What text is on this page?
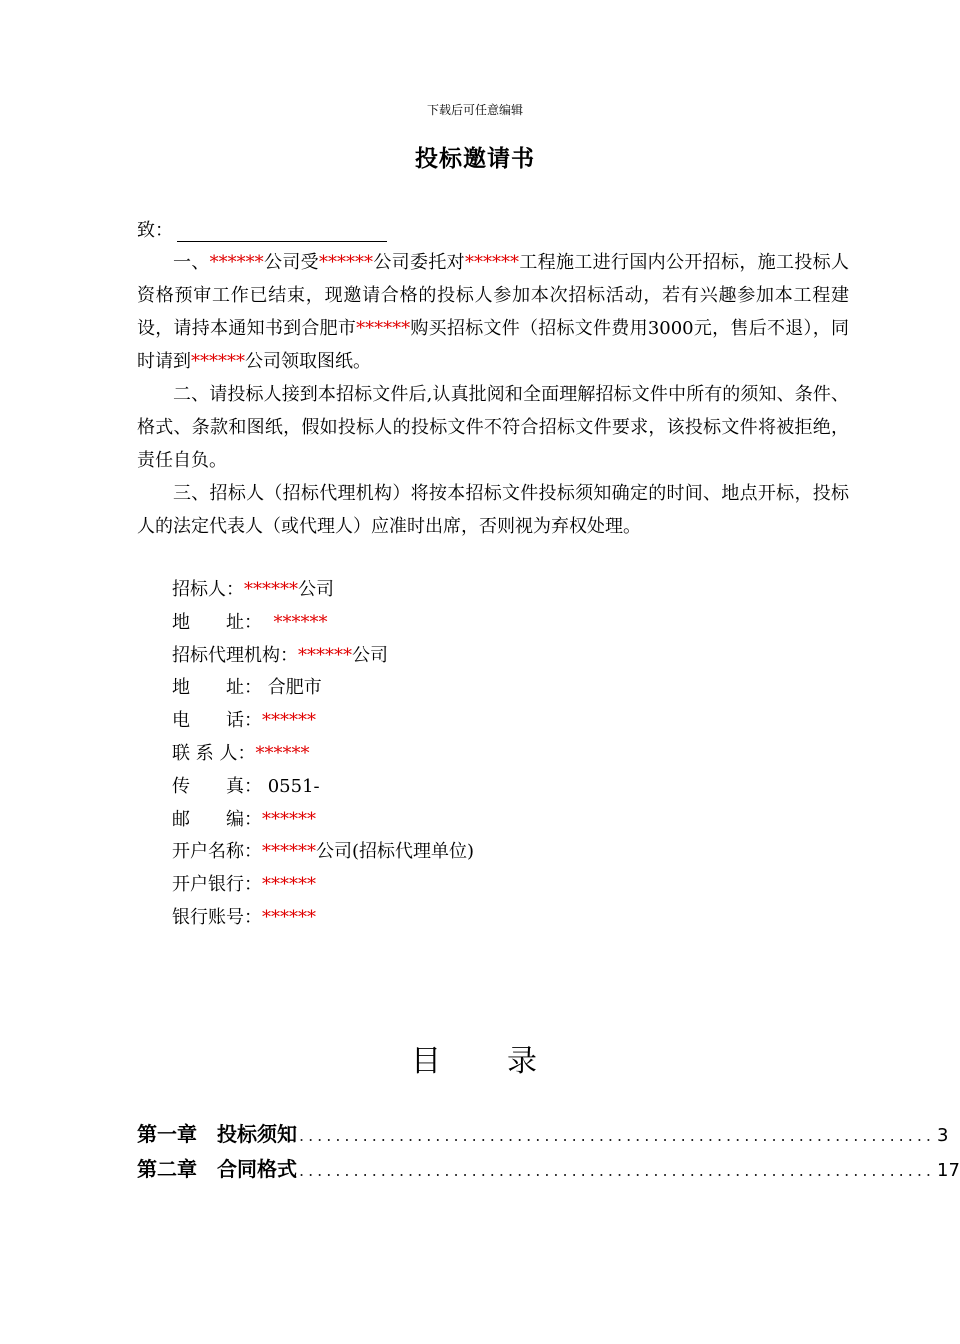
下载后可任意编辑
投标邀请书
致：

一、******公司受******公司委托对******工程施工进行国内公开招标，施工投标人资格预审工作已结束，现邀请合格的投标人参加本次招标活动，若有兴趣参加本工程建设，请持本通知书到合肥市******购买招标文件（招标文件费用3000元，售后不退），同时请到******公司领取图纸。

二、请投标人接到本招标文件后,认真批阅和全面理解招标文件中所有的须知、条件、格式、条款和图纸，假如投标人的投标文件不符合招标文件要求，该投标文件将被拒绝，责任自负。

三、招标人（招标代理机构）将按本招标文件投标须知确定的时间、地点开标，投标人的法定代表人（或代理人）应准时出席，否则视为弃权处理。

招标人：******公司
地　　址： ******
招标代理机构：******公司
地　　址： 合肥市
电　　话：******
联 系 人：******
传　　真： 0551-
邮　　编：******
开户名称：******公司(招标代理单位)
开户银行：******
银行账号：******
目 录
第一章　投标须知 ...................................................................... 3
第二章　合同格式 ...................................................................... 17
